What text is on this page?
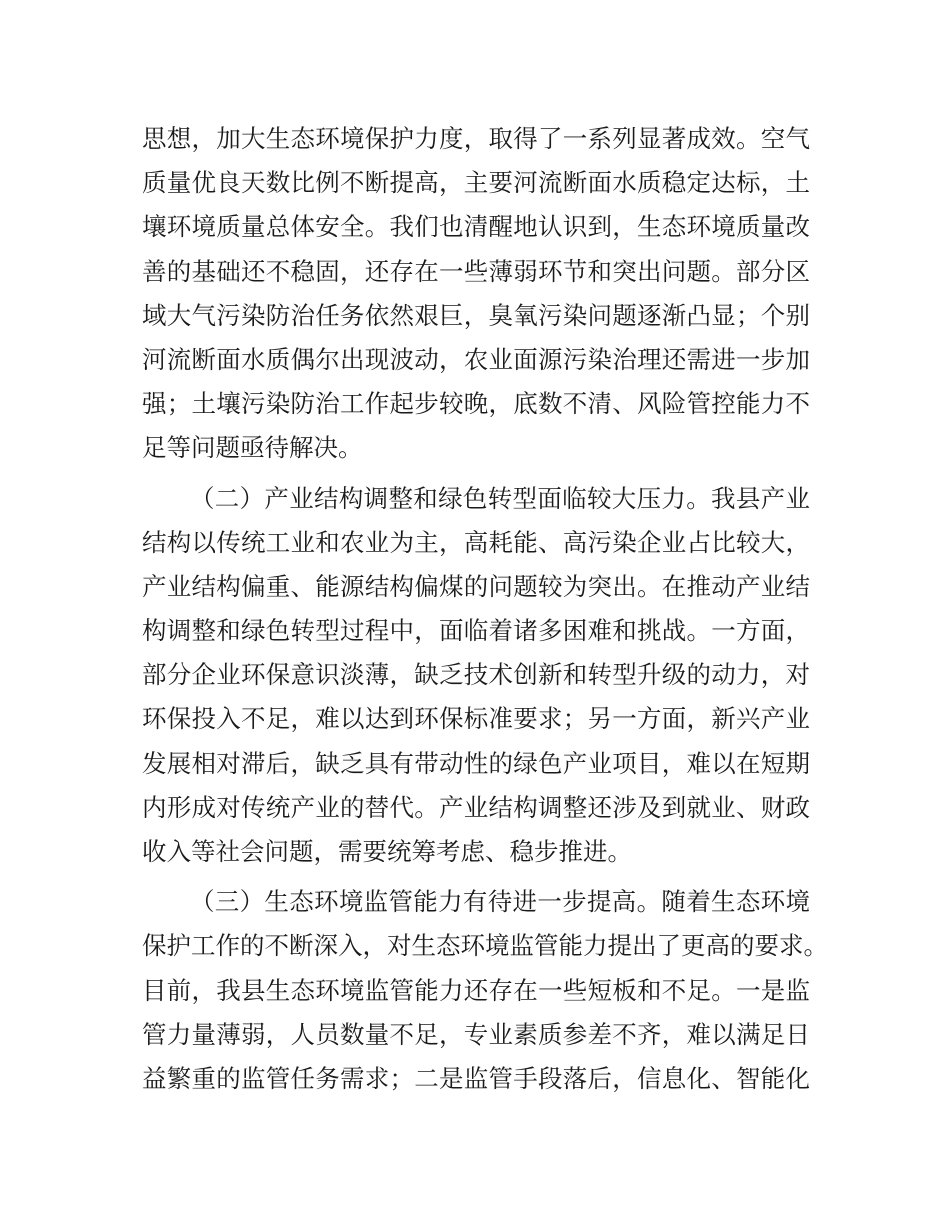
思想，加大生态环境保护力度，取得了一系列显著成效。空气
质量优良天数比例不断提高，主要河流断面水质稳定达标，土
壤环境质量总体安全。我们也清醒地认识到，生态环境质量改
善的基础还不稳固，还存在一些薄弱环节和突出问题。部分区
域大气污染防治任务依然艰巨，臭氧污染问题逐渐凸显；个别
河流断面水质偶尔出现波动，农业面源污染治理还需进一步加
强；土壤污染防治工作起步较晚，底数不清、风险管控能力不
足等问题亟待解决。
（二）产业结构调整和绿色转型面临较大压力。我县产业
结构以传统工业和农业为主，高耗能、高污染企业占比较大，
产业结构偏重、能源结构偏煤的问题较为突出。在推动产业结
构调整和绿色转型过程中，面临着诸多困难和挑战。一方面，
部分企业环保意识淡薄，缺乏技术创新和转型升级的动力，对
环保投入不足，难以达到环保标准要求；另一方面，新兴产业
发展相对滞后，缺乏具有带动性的绿色产业项目，难以在短期
内形成对传统产业的替代。产业结构调整还涉及到就业、财政
收入等社会问题，需要统筹考虑、稳步推进。
（三）生态环境监管能力有待进一步提高。随着生态环境
保护工作的不断深入，对生态环境监管能力提出了更高的要求。
目前，我县生态环境监管能力还存在一些短板和不足。一是监
管力量薄弱，人员数量不足，专业素质参差不齐，难以满足日
益繁重的监管任务需求；二是监管手段落后，信息化、智能化
